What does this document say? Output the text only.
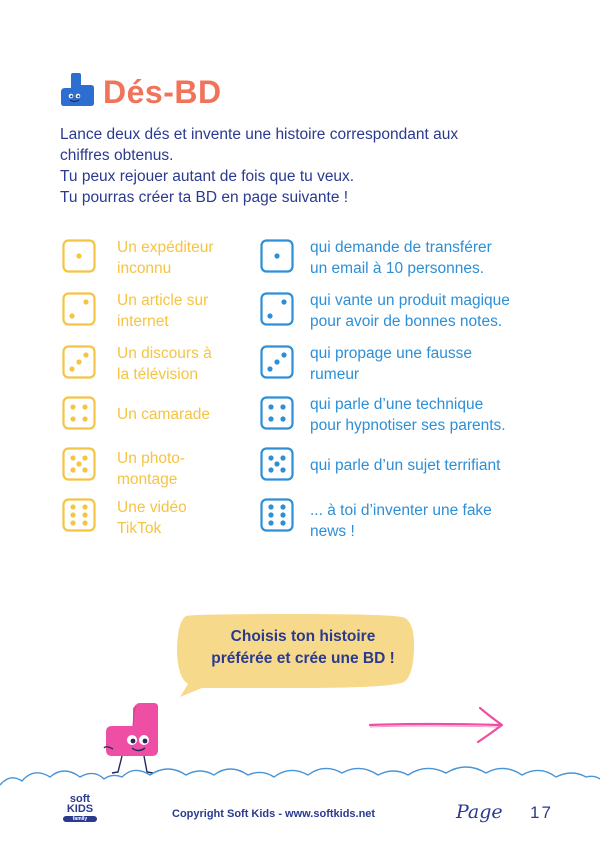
Dés-BD
Lance deux dés et invente une histoire correspondant aux
chiffres obtenus.
Tu peux rejouer autant de fois que tu veux.
Tu pourras créer ta BD en page suivante !
Un expéditeur
inconnu
Un article sur
internet
Un discours à
la télévision
Un camarade
Un photo-
montage
Une vidéo
TikTok
qui demande de transférer
un email à 10 personnes.
qui vante un produit magique
pour avoir de bonnes notes.
qui propage une fausse
rumeur
qui parle d’une technique
pour hypnotiser ses parents.
qui parle d’un sujet terrifiant
... à toi d’inventer une fake
news !
Choisis ton histoire
préférée et crée une BD !
soft
KIDS
family	Copyright Soft Kids - www.softkids.net	Page 17
